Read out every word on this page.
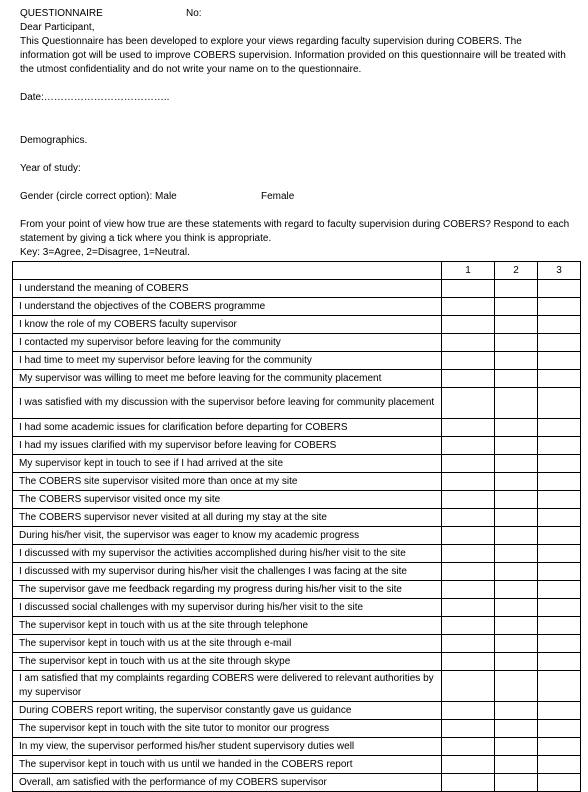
QUESTIONNAIRE	No:
Dear Participant,
This Questionnaire has been developed to explore your views regarding faculty supervision during COBERS. The information got will be used to improve COBERS supervision. Information provided on this questionnaire will be treated with the utmost confidentiality and do not write your name on to the questionnaire.
Date:………………………………..
Demographics.
Year of study:
Gender (circle correct option): Male	Female
From your point of view how true are these statements with regard to faculty supervision during COBERS? Respond to each statement by giving a tick where you think is appropriate.
Key: 3=Agree, 2=Disagree, 1=Neutral.
	1	2	3
I understand the meaning of COBERS			
I understand the objectives of the COBERS programme			
I know the role of my COBERS faculty supervisor			
I contacted my supervisor before leaving for the community			
I had time to meet my supervisor before leaving for the community			
My supervisor was willing to meet me before leaving for the community placement			
I was satisfied with my discussion with the supervisor before leaving for community placement			
I had some academic issues for clarification before departing for COBERS			
I had my issues clarified with my supervisor before leaving for COBERS			
My supervisor kept in touch to see if I had arrived at the site			
The COBERS site supervisor visited more than once at my site			
The COBERS supervisor visited once my site			
The COBERS supervisor never visited at all during my stay at the site			
During his/her visit, the supervisor was eager to know my academic progress			
I discussed with my supervisor the activities accomplished during his/her visit to the site			
I discussed with my supervisor during his/her visit the challenges I was facing at the site			
The supervisor gave me feedback regarding my progress during his/her visit to the site			
I discussed social challenges with my supervisor during his/her visit to the site			
The supervisor kept in touch with us at the site through telephone			
The supervisor kept in touch with us at the site through e-mail			
The supervisor kept in touch with us at the site through skype			
I am satisfied that my complaints regarding COBERS were delivered to relevant authorities by my supervisor			
During COBERS report writing, the supervisor constantly gave us guidance			
The supervisor kept in touch with the site tutor to monitor our progress			
In my view, the supervisor performed his/her student supervisory duties well			
The supervisor kept in touch with us until we handed in the COBERS report			
Overall, am satisfied with the performance of my COBERS supervisor			
